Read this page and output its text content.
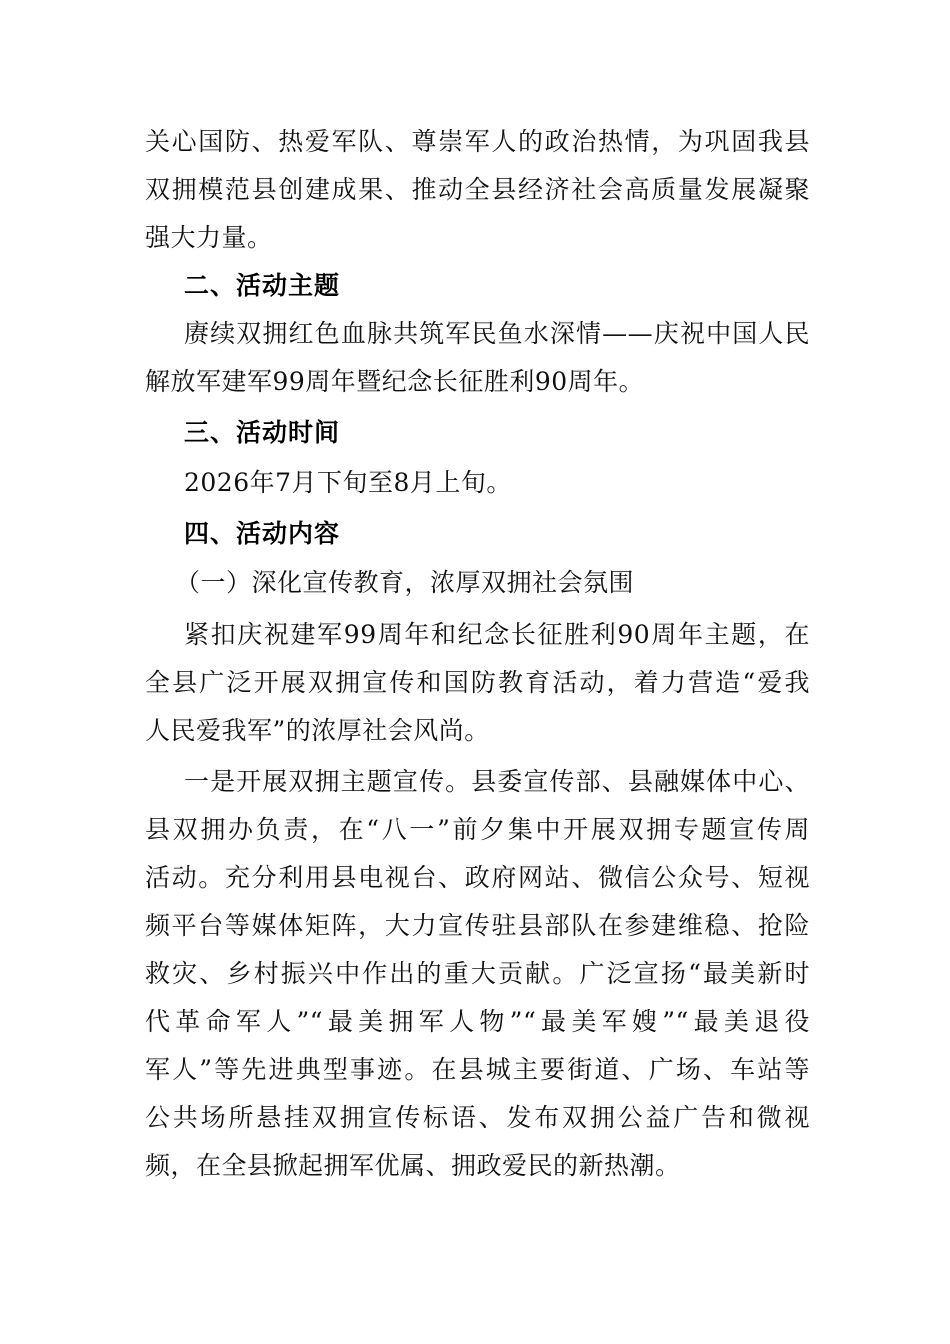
关心国防、热爱军队、尊崇军人的政治热情，为巩固我县
双拥模范县创建成果、推动全县经济社会高质量发展凝聚
强大力量。
二、活动主题
赓续双拥红色血脉共筑军民鱼水深情——庆祝中国人民
解放军建军99周年暨纪念长征胜利90周年。
三、活动时间
2026年7月下旬至8月上旬。
四、活动内容
（一）深化宣传教育，浓厚双拥社会氛围
紧扣庆祝建军99周年和纪念长征胜利90周年主题，在
全县广泛开展双拥宣传和国防教育活动，着力营造“爱我
人民爱我军”的浓厚社会风尚。
一是开展双拥主题宣传。县委宣传部、县融媒体中心、
县双拥办负责，在“八一”前夕集中开展双拥专题宣传周
活动。充分利用县电视台、政府网站、微信公众号、短视
频平台等媒体矩阵，大力宣传驻县部队在参建维稳、抢险
救灾、乡村振兴中作出的重大贡献。广泛宣扬“最美新时
代革命军人”“最美拥军人物”“最美军嫂”“最美退役
军人”等先进典型事迹。在县城主要街道、广场、车站等
公共场所悬挂双拥宣传标语、发布双拥公益广告和微视
频，在全县掀起拥军优属、拥政爱民的新热潮。
